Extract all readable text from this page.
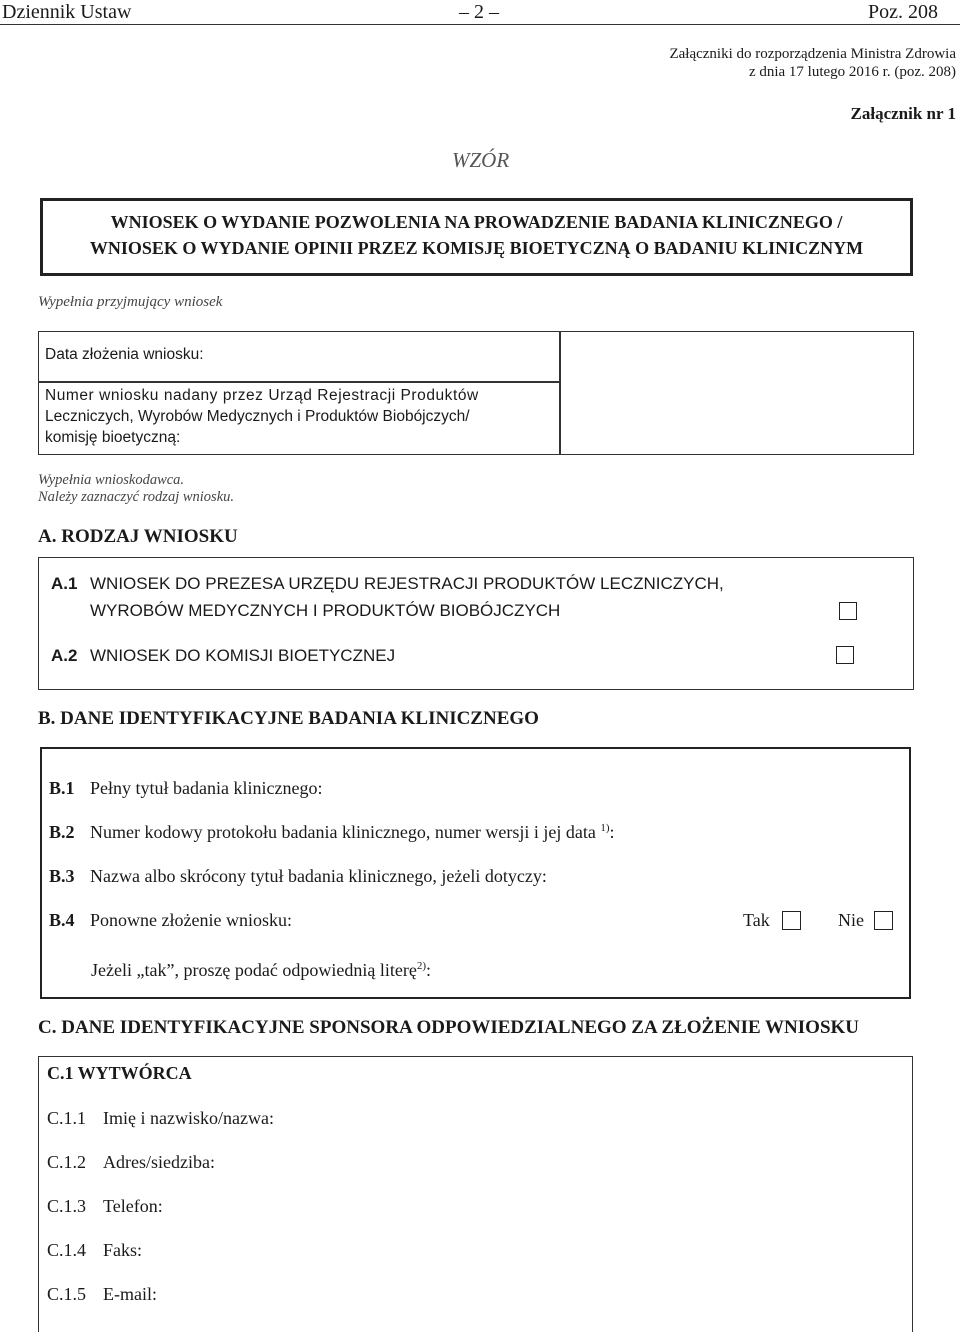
Dziennik Ustaw	– 2 –	Poz. 208
Załączniki do rozporządzenia Ministra Zdrowia
z dnia 17 lutego 2016 r. (poz. 208)
Załącznik nr 1
WZÓR
WNIOSEK O WYDANIE POZWOLENIA NA PROWADZENIE BADANIA KLINICZNEGO /
WNIOSEK O WYDANIE OPINII PRZEZ KOMISJĘ BIOETYCZNĄ O BADANIU KLINICZNYM
Wypełnia przyjmujący wniosek
Data złożenia wniosku:
Numer wniosku nadany przez Urząd Rejestracji Produktów
Leczniczych, Wyrobów Medycznych i Produktów Biobójczych/
komisję bioetyczną:
Wypełnia wnioskodawca.
Należy zaznaczyć rodzaj wniosku.
A. RODZAJ WNIOSKU
A.1 WNIOSEK DO PREZESA URZĘDU REJESTRACJI PRODUKTÓW LECZNICZYCH,
WYROBÓW MEDYCZNYCH I PRODUKTÓW BIOBÓJCZYCH
A.2 WNIOSEK DO KOMISJI BIOETYCZNEJ
B. DANE IDENTYFIKACYJNE BADANIA KLINICZNEGO
B.1 Pełny tytuł badania klinicznego:
B.2 Numer kodowy protokołu badania klinicznego, numer wersji i jej data $^{1)}$:
B.3 Nazwa albo skrócony tytuł badania klinicznego, jeżeli dotyczy:
B.4 Ponowne złożenie wniosku:	Tak	Nie
Jeżeli „tak”, proszę podać odpowiednią literę$^{2)}$:
C. DANE IDENTYFIKACYJNE SPONSORA ODPOWIEDZIALNEGO ZA ZŁOŻENIE WNIOSKU
C.1 WYTWÓRCA
C.1.1 Imię i nazwisko/nazwa:
C.1.2 Adres/siedziba:
C.1.3 Telefon:
C.1.4 Faks:
C.1.5 E-mail:
